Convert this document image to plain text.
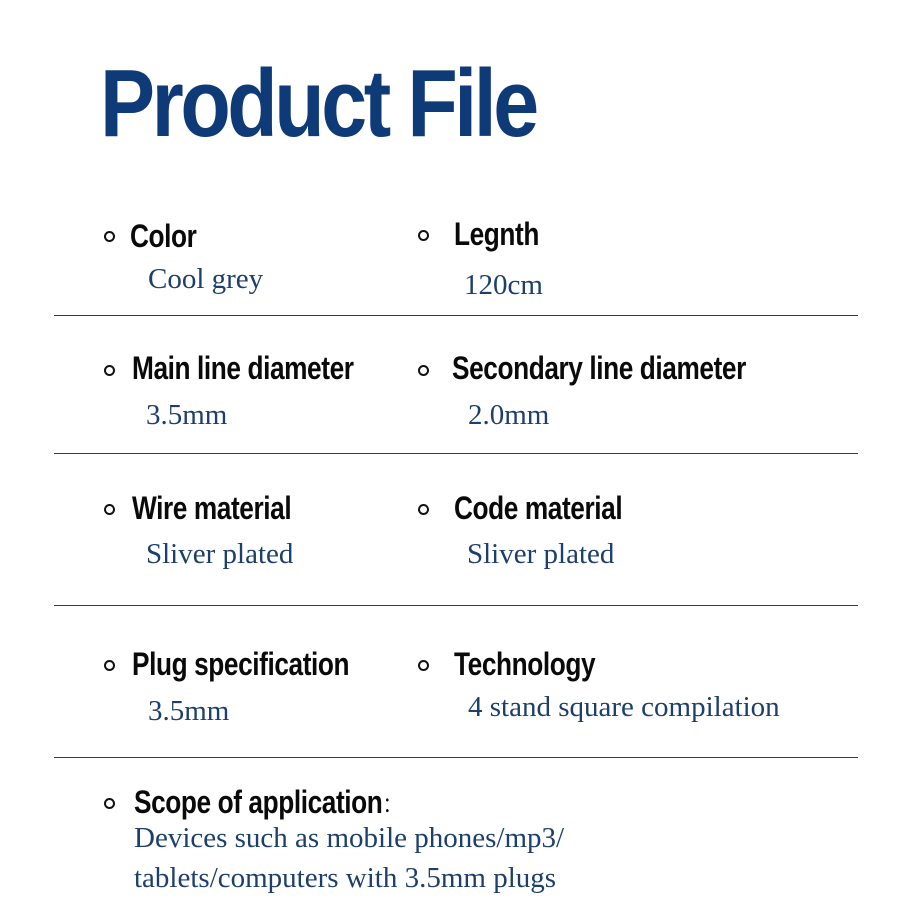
Product File
Color
Cool grey
Legnth
120cm
Main line diameter
3.5mm
Secondary line diameter
2.0mm
Wire material
Sliver plated
Code material
Sliver plated
Plug specification
3.5mm
Technology
4 stand square compilation
Scope of application：
Devices such as mobile phones/mp3/
tablets/computers with 3.5mm plugs
